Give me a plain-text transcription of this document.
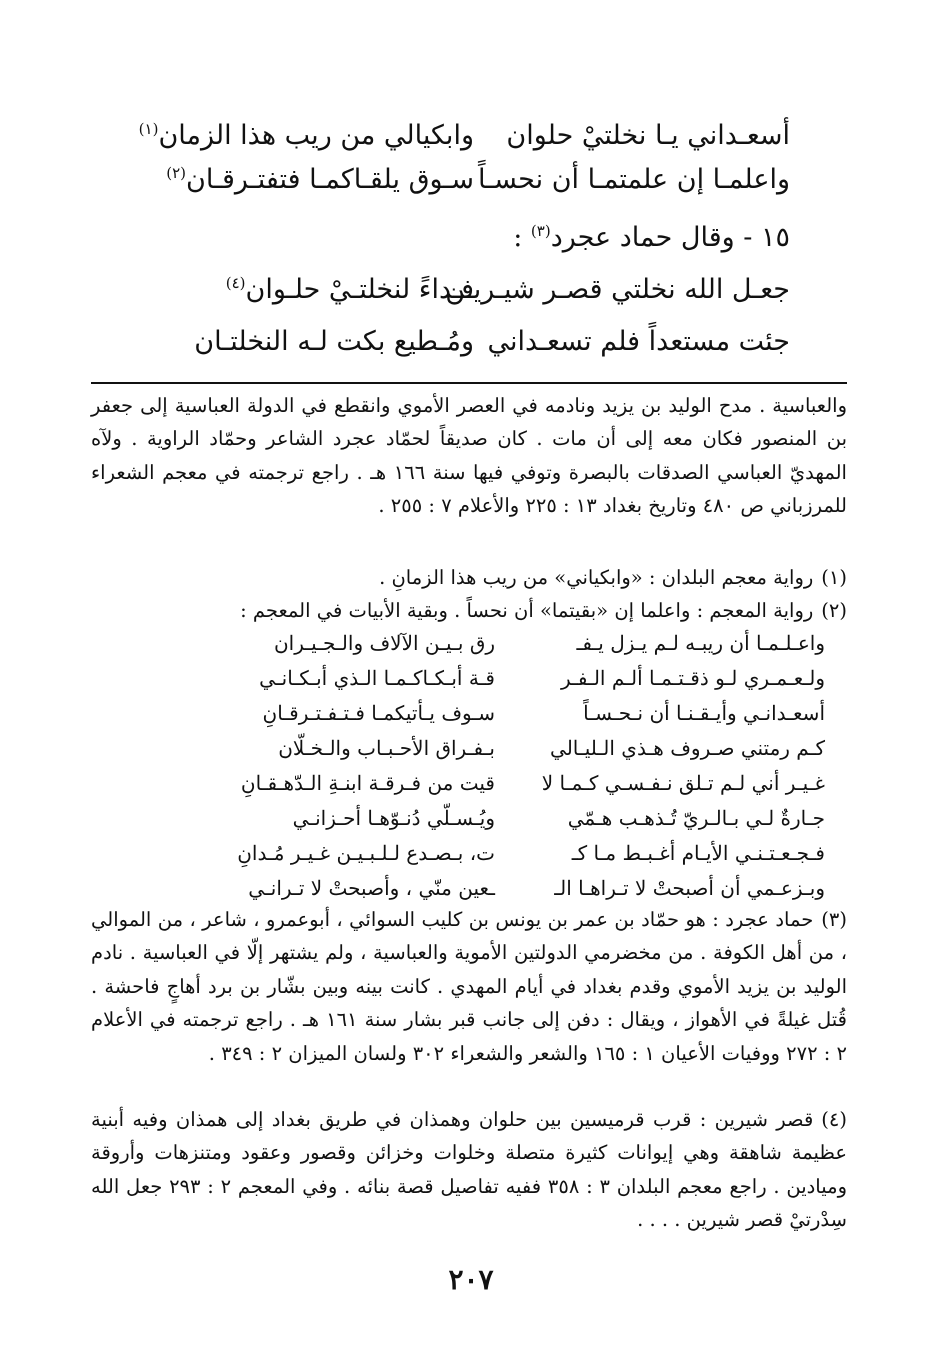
أسعـداني يـا نخلتيْ حلوان
وابكيالي من ريب هذا الزمان$^{(١)}$
واعلمـا إن علمتمـا أن نحسـاً
سـوق يلقـاكمـا فتفتـرقـان$^{(٢)}$
١٥ - وقال حماد عجرد$^{(٣)}$ :
جعـل الله نخلتي قصـر شيـريـن
فـداءً لنخلتـيْ حلـوان$^{(٤)}$
جئت مستعداً فلم تسعـداني
ومُـطيع بكت لـه النخلتـان
والعباسية . مدح الوليد بن يزيد ونادمه في العصر الأموي وانقطع في الدولة العباسية إلى جعفر بن المنصور فكان معه إلى أن مات . كان صديقاً لحمّاد عجرد الشاعر وحمّاد الراوية . ولآه المهديّ العباسي الصدقات بالبصرة وتوفي فيها سنة ١٦٦ هـ . راجع ترجمته في معجم الشعراء للمرزباني ص ٤٨٠ وتاريخ بغداد ١٣ : ٢٢٥ والأعلام ٧ : ٢٥٥ .
(١)رواية معجم البلدان : «وابكياني» من ريب هذا الزمانِ .
(٢)رواية المعجم : واعلما إن «بقيتما» أن نحساً . وبقية الأبيات في المعجم :
واعـلـمـا أن ريبـه لـم يـزل يـفـ
رق بـيـن الآلاف والـجـيـران
ولـعـمـري لـو ذقـتـمـا ألـم الـفـر
قـة أبـكـاكـمـا الـذي أبـكـانـي
أسعـدانـي وأيـقـنـا أن نـحـسـاً
سـوف يـأتيكمـا فـتـفـتـرقـانِ
كـم رمتني صـروف هـذي الـليـالي
بـفـراق الأحـبـاب والـخـلّان
غـيـر أني لـم تـلق نـفـسـي كـمـا لا
قيت من فـرقـة ابنـةِ الـدّهـقـانِ
جـارةٌ لـي بـالـريّ تُـذهـب هـمّي
ويُـسـلّي دُنـوّهـا أحـزانـي
فـجـعـتـنـي الأيـام أغـبـط مـا كـ
ت، بـصـدع لـلـبـيـن غـيـر مُـدانِ
وبـزعـمي أن أصبحتْ لا تـراهـا الـ
ـعين منّي ، وأصبحتْ لا تـرانـي
(٣)حماد عجرد : هو حمّاد بن عمر بن يونس بن كليب السوائي ، أبوعمرو ، شاعر ، من الموالي ، من أهل الكوفة . من مخضرمي الدولتين الأموية والعباسية ، ولم يشتهر إلّا في العباسية . نادم الوليد بن يزيد الأموي وقدم بغداد في أيام المهدي . كانت بينه وبين بشّار بن برد أهاجٍ فاحشة . قُتل غيلةً في الأهواز ، ويقال : دفن إلى جانب قبر بشار سنة ١٦١ هـ . راجع ترجمته في الأعلام ٢ : ٢٧٢ ووفيات الأعيان ١ : ١٦٥ والشعر والشعراء ٣٠٢ ولسان الميزان ٢ : ٣٤٩ .
(٤)قصر شيرين : قرب قرميسين بين حلوان وهمذان في طريق بغداد إلى همذان وفيه أبنية عظيمة شاهقة وهي إيوانات كثيرة متصلة وخلوات وخزائن وقصور وعقود ومتنزهات وأروقة وميادين . راجع معجم البلدان ٣ : ٣٥٨ ففيه تفاصيل قصة بنائه . وفي المعجم ٢ : ٢٩٣ جعل الله سِدْرتيْ قصر شيرين . . . .
٢٠٧
